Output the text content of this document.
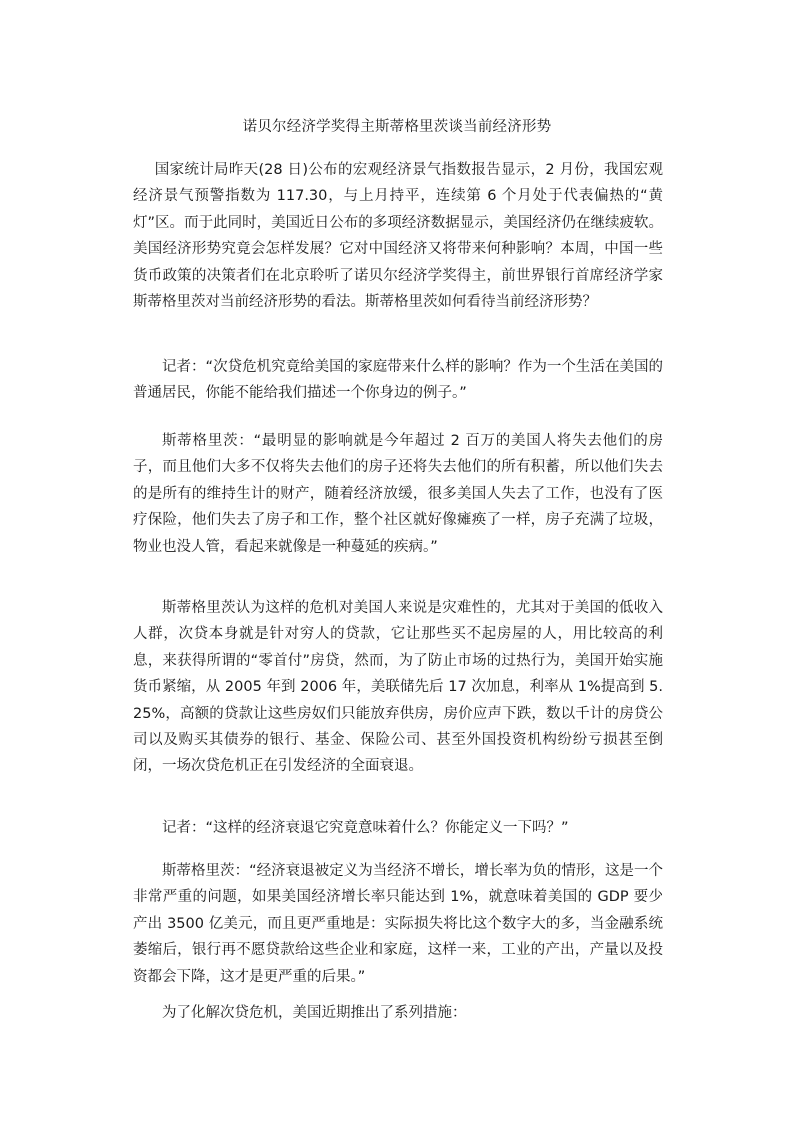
诺贝尔经济学奖得主斯蒂格里茨谈当前经济形势

国家统计局昨天(28 日)公布的宏观经济景气指数报告显示，2 月份，我国宏观经济景气预警指数为 117.30，与上月持平，连续第 6 个月处于代表偏热的“黄灯”区。而于此同时，美国近日公布的多项经济数据显示，美国经济仍在继续疲软。美国经济形势究竟会怎样发展？它对中国经济又将带来何种影响？本周，中国一些货币政策的决策者们在北京聆听了诺贝尔经济学奖得主，前世界银行首席经济学家斯蒂格里茨对当前经济形势的看法。斯蒂格里茨如何看待当前经济形势？

记者：“次贷危机究竟给美国的家庭带来什么样的影响？作为一个生活在美国的普通居民，你能不能给我们描述一个你身边的例子。”

斯蒂格里茨：“最明显的影响就是今年超过 2 百万的美国人将失去他们的房子，而且他们大多不仅将失去他们的房子还将失去他们的所有积蓄，所以他们失去的是所有的维持生计的财产，随着经济放缓，很多美国人失去了工作，也没有了医疗保险，他们失去了房子和工作，整个社区就好像瘫痪了一样，房子充满了垃圾，物业也没人管，看起来就像是一种蔓延的疾病。”

斯蒂格里茨认为这样的危机对美国人来说是灾难性的，尤其对于美国的低收入人群，次贷本身就是针对穷人的贷款，它让那些买不起房屋的人，用比较高的利息，来获得所谓的“零首付”房贷，然而，为了防止市场的过热行为，美国开始实施货币紧缩，从 2005 年到 2006 年，美联储先后 17 次加息，利率从 1%提高到 5.25%，高额的贷款让这些房奴们只能放弃供房，房价应声下跌，数以千计的房贷公司以及购买其债券的银行、基金、保险公司、甚至外国投资机构纷纷亏损甚至倒闭，一场次贷危机正在引发经济的全面衰退。

记者：“这样的经济衰退它究竟意味着什么？你能定义一下吗？”

斯蒂格里茨：“经济衰退被定义为当经济不增长，增长率为负的情形，这是一个非常严重的问题，如果美国经济增长率只能达到 1%，就意味着美国的 GDP 要少产出 3500 亿美元，而且更严重地是：实际损失将比这个数字大的多，当金融系统萎缩后，银行再不愿贷款给这些企业和家庭，这样一来，工业的产出，产量以及投资都会下降，这才是更严重的后果。”

为了化解次贷危机，美国近期推出了系列措施：
